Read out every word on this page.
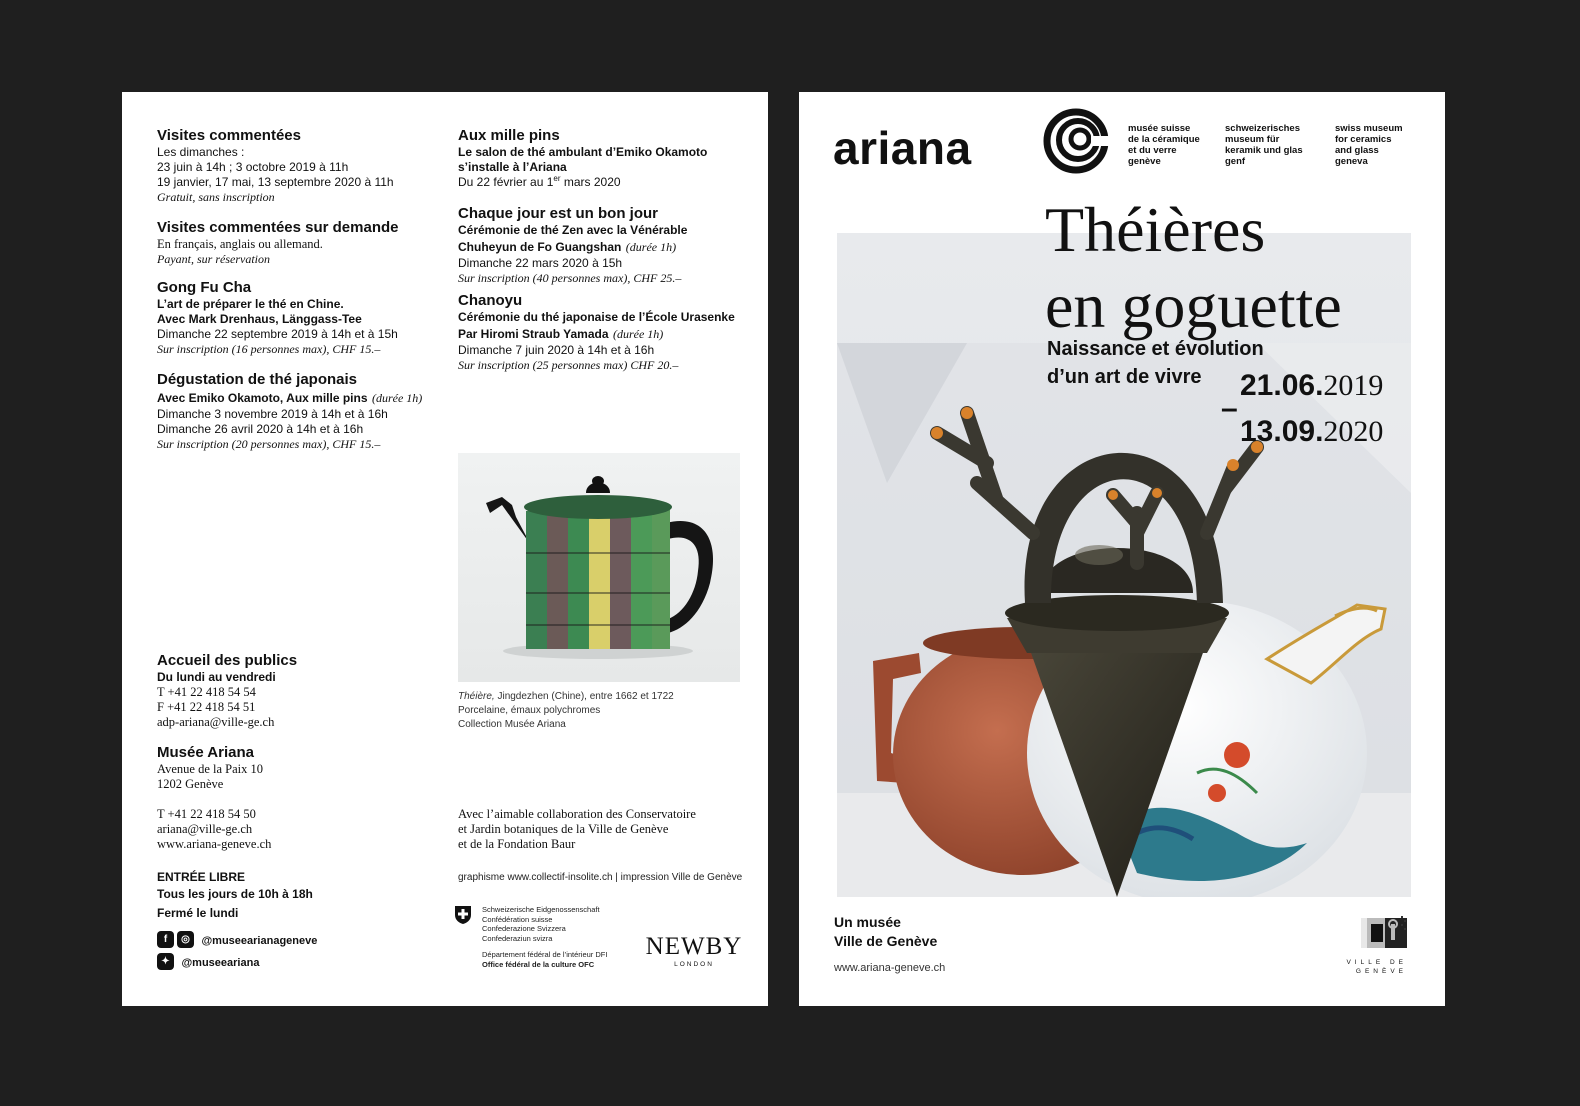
Visites commentées
Les dimanches :
23 juin à 14h ; 3 octobre 2019 à 11h
19 janvier, 17 mai, 13 septembre 2020 à 11h
Gratuit, sans inscription
Visites commentées sur demande
En français, anglais ou allemand.
Payant, sur réservation
Gong Fu Cha
L’art de préparer le thé en Chine.
Avec Mark Drenhaus, Länggass-Tee
Dimanche 22 septembre 2019 à 14h et à 15h
Sur inscription (16 personnes max), CHF 15.–
Dégustation de thé japonais
Avec Emiko Okamoto, Aux mille pins (durée 1h)
Dimanche 3 novembre 2019 à 14h et à 16h
Dimanche 26 avril 2020 à 14h et à 16h
Sur inscription (20 personnes max), CHF 15.–
Accueil des publics
Du lundi au vendredi
T +41 22 418 54 54
F +41 22 418 54 51
adp-ariana@ville-ge.ch
Musée Ariana
Avenue de la Paix 10
1202 Genève
T +41 22 418 54 50
ariana@ville-ge.ch
www.ariana-geneve.ch
ENTRÉE LIBRE
Tous les jours de 10h à 18h
Fermé le lundi
f ◎ @museearianageneve
✦ @museeariana
Aux mille pins
Le salon de thé ambulant d’Emiko Okamoto
s’installe à l’Ariana
Du 22 février au 1er mars 2020
Chaque jour est un bon jour
Cérémonie de thé Zen avec la Vénérable
Chuheyun de Fo Guangshan (durée 1h)
Dimanche 22 mars 2020 à 15h
Sur inscription (40 personnes max), CHF 25.–
Chanoyu
Cérémonie du thé japonaise de l’École Urasenke
Par Hiromi Straub Yamada (durée 1h)
Dimanche 7 juin 2020 à 14h et à 16h
Sur inscription (25 personnes max) CHF 20.–
Théière, Jingdezhen (Chine), entre 1662 et 1722
Porcelaine, émaux polychromes
Collection Musée Ariana
Avec l’aimable collaboration des Conservatoire
et Jardin botaniques de la Ville de Genève
et de la Fondation Baur
graphisme www.collectif-insolite.ch | impression Ville de Genève
Schweizerische Eidgenossenschaft
Confédération suisse
Confederazione Svizzera
Confederaziun svizra
Département fédéral de l’intérieur DFI
Office fédéral de la culture OFC
NEWBY
LONDON
ariana	musée suisse
de la céramique
et du verre
genève
schweizerisches
museum für
keramik und glas
genf
swiss museum
for ceramics
and glass
geneva
Théières
en goguette
Naissance et évolution
d’un art de vivre	21.06.2019
–
13.09.2020
Un musée
Ville de Genève
www.ariana-geneve.ch	VILLE DE GENÈVE
